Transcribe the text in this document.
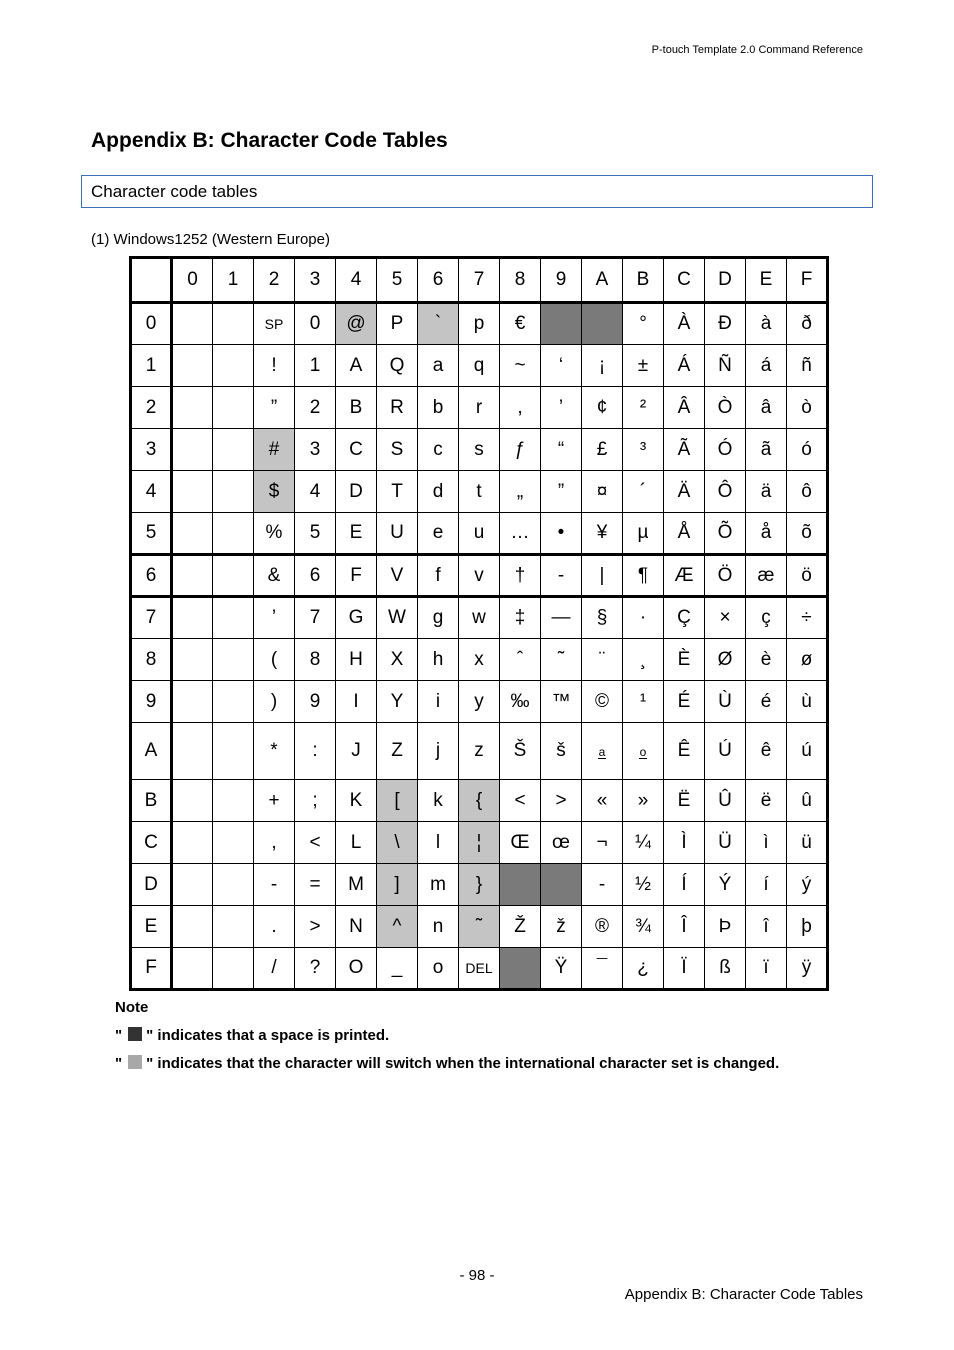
P-touch Template 2.0 Command Reference
Appendix B: Character Code Tables
Character code tables
(1) Windows1252 (Western Europe)
	0	1	2	3	4	5	6	7	8	9	A	B	C	D	E	F
0			SP	0	@	P	`	p	€			°	À	Ð	à	ð
1			!	1	A	Q	a	q	~	‘	¡	±	Á	Ñ	á	ñ
2			”	2	B	R	b	r	,	’	¢	²	Â	Ò	â	ò
3			#	3	C	S	c	s	ƒ	“	£	³	Ã	Ó	ã	ó
4			$	4	D	T	d	t	„	”	¤	´	Ä	Ô	ä	ô
5			%	5	E	U	e	u	…	•	¥	µ	Å	Õ	å	õ
6			&	6	F	V	f	v	†	-	|	¶	Æ	Ö	æ	ö
7			’	7	G	W	g	w	‡	—	§	·	Ç	×	ç	÷
8			(	8	H	X	h	x	ˆ	˜	¨	¸	È	Ø	è	ø
9			)	9	I	Y	i	y	‰	™	©	¹	É	Ù	é	ù
A			*	:	J	Z	j	z	Š	š	a	o	Ê	Ú	ê	ú
B			+	;	K	[	k	{	<	>	«	»	Ë	Û	ë	û
C			,	<	L	\	l	¦	Œ	œ	¬	¼	Ì	Ü	ì	ü
D			-	=	M	]	m	}			-	½	Í	Ý	í	ý
E			.	>	N	^	n	˜	Ž	ž	®	¾	Î	Þ	î	þ
F			/	?	O	_	o	DEL		Ÿ	¯	¿	Ï	ß	ï	ÿ
Note
" " indicates that a space is printed.
" " indicates that the character will switch when the international character set is changed.
- 98 -
Appendix B: Character Code Tables
